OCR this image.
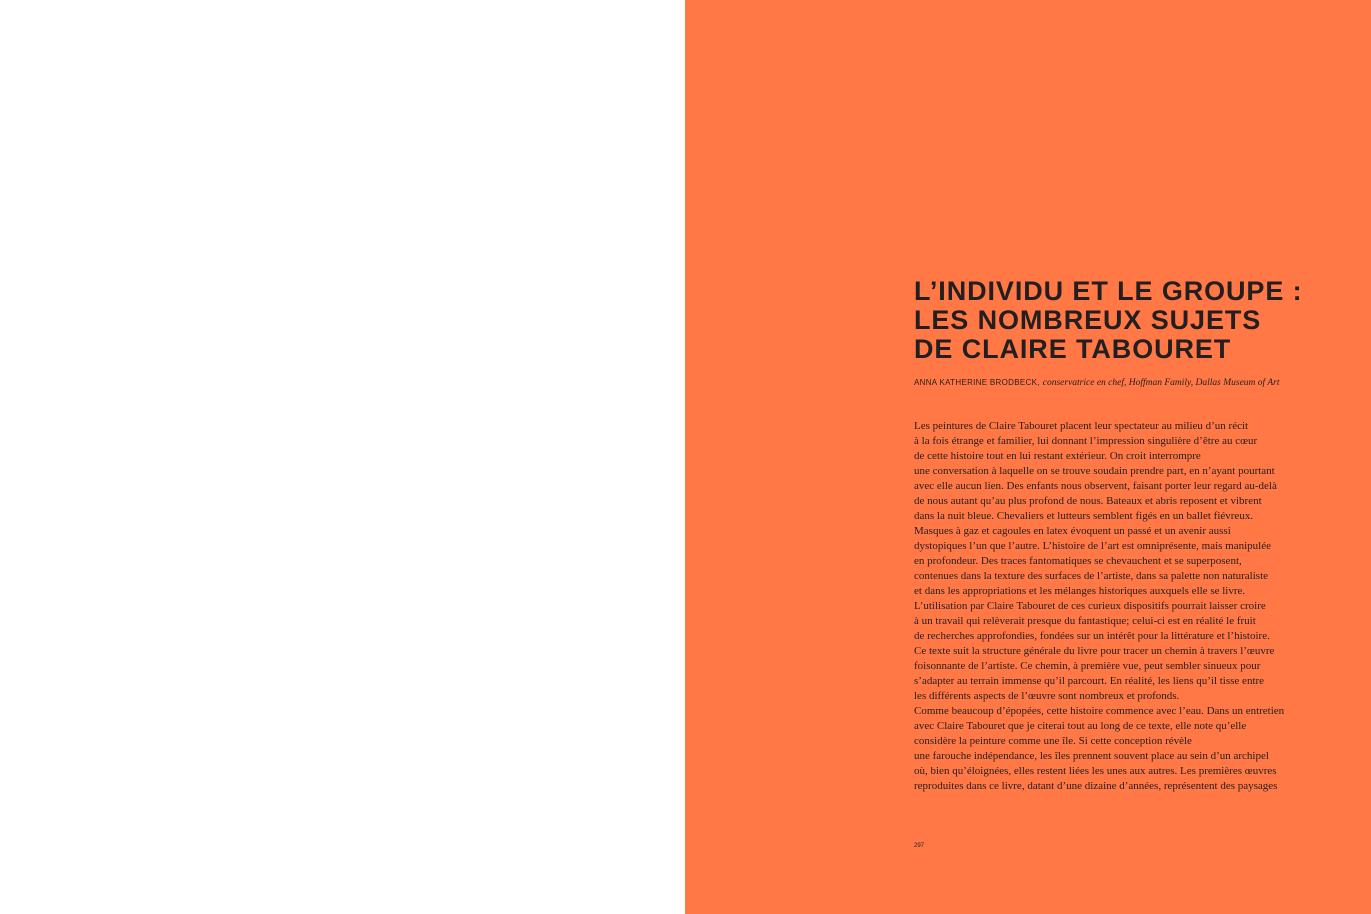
L’INDIVIDU ET LE GROUPE :
LES NOMBREUX SUJETS
DE CLAIRE TABOURET
ANNA KATHERINE BRODBECK, conservatrice en chef, Hoffman Family, Dallas Museum of Art
Les peintures de Claire Tabouret placent leur spectateur au milieu d’un récit
à la fois étrange et familier, lui donnant l’impression singulière d’être au cœur
de cette histoire tout en lui restant extérieur. On croit interrompre
une conversation à laquelle on se trouve soudain prendre part, en n’ayant pourtant
avec elle aucun lien. Des enfants nous observent, faisant porter leur regard au-delà
de nous autant qu’au plus profond de nous. Bateaux et abris reposent et vibrent
dans la nuit bleue. Chevaliers et lutteurs semblent figés en un ballet fiévreux.
Masques à gaz et cagoules en latex évoquent un passé et un avenir aussi
dystopiques l’un que l’autre. L’histoire de l’art est omniprésente, mais manipulée
en profondeur. Des traces fantomatiques se chevauchent et se superposent,
contenues dans la texture des surfaces de l’artiste, dans sa palette non naturaliste
et dans les appropriations et les mélanges historiques auxquels elle se livre.
L’utilisation par Claire Tabouret de ces curieux dispositifs pourrait laisser croire
à un travail qui relèverait presque du fantastique; celui-ci est en réalité le fruit
de recherches approfondies, fondées sur un intérêt pour la littérature et l’histoire.
Ce texte suit la structure générale du livre pour tracer un chemin à travers l’œuvre
foisonnante de l’artiste. Ce chemin, à première vue, peut sembler sinueux pour
s’adapter au terrain immense qu’il parcourt. En réalité, les liens qu’il tisse entre
les différents aspects de l’œuvre sont nombreux et profonds.
Comme beaucoup d’épopées, cette histoire commence avec l’eau. Dans un entretien
avec Claire Tabouret que je citerai tout au long de ce texte, elle note qu’elle
considère la peinture comme une île. Si cette conception révèle
une farouche indépendance, les îles prennent souvent place au sein d’un archipel
où, bien qu’éloignées, elles restent liées les unes aux autres. Les premières œuvres
reproduites dans ce livre, datant d’une dizaine d’années, représentent des paysages
297
